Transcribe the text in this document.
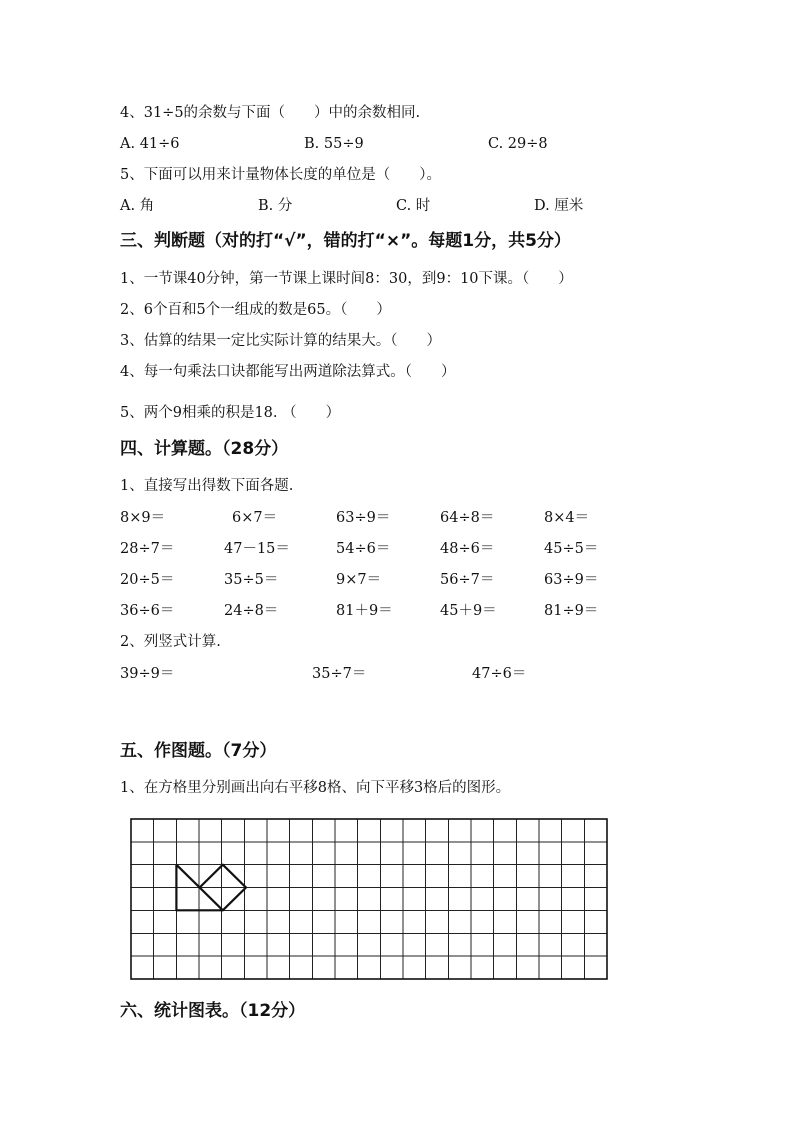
4、31÷5的余数与下面（　　）中的余数相同.
A. 41÷6	B. 55÷9	C. 29÷8
5、下面可以用来计量物体长度的单位是（　　）。
A. 角	B. 分	C. 时	D. 厘米
三、判断题（对的打“√”，错的打“×”。每题1分，共5分）
1、一节课40分钟，第一节课上课时间8：30，到9：10下课。（　　）
2、6个百和5个一组成的数是65。（　　）
3、估算的结果一定比实际计算的结果大。（　　）
4、每一句乘法口诀都能写出两道除法算式。（　　）
5、两个9相乘的积是18. （　　）
四、计算题。（28分）
1、直接写出得数下面各题.
8×9＝	6×7＝	63÷9＝	64÷8＝	8×4＝
28÷7＝	47－15＝	54÷6＝	48÷6＝	45÷5＝
20÷5＝	35÷5＝	9×7＝	56÷7＝	63÷9＝
36÷6＝	24÷8＝	81＋9＝	45＋9＝	81÷9＝
2、列竖式计算.
39÷9＝	35÷7＝	47÷6＝
五、作图题。（7分）
1、在方格里分别画出向右平移8格、向下平移3格后的图形。
六、统计图表。（12分）
